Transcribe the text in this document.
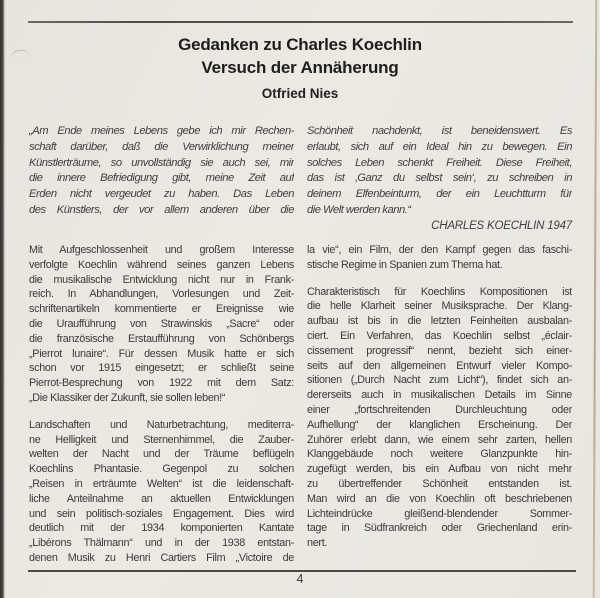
Gedanken zu Charles Koechlin
Versuch der Annäherung
Otfried Nies
„Am Ende meines Lebens gebe ich mir Rechen-
schaft darüber, daß die Verwirklichung meiner
Künstlerträume, so unvollständig sie auch sei, mir
die innere Befriedigung gibt, meine Zeit auf
Erden nicht vergeudet zu haben. Das Leben
des Künstlers, der vor allem anderen über die
Schönheit nachdenkt, ist beneidenswert. Es
erlaubt, sich auf ein Ideal hin zu bewegen. Ein
solches Leben schenkt Freiheit. Diese Freiheit,
das ist ‚Ganz du selbst sein‘, zu schreiben in
deinem Elfenbeinturm, der ein Leuchtturm für
die Welt werden kann.“
CHARLES KOECHLIN 1947
Mit Aufgeschlossenheit und großem Interesse
verfolgte Koechlin während seines ganzen Lebens
die musikalische Entwicklung nicht nur in Frank-
reich. In Abhandlungen, Vorlesungen und Zeit-
schriftenartikeln kommentierte er Ereignisse wie
die Uraufführung von Strawinskis „Sacre“ oder
die französische Erstaufführung von Schönbergs
„Pierrot lunaire“. Für dessen Musik hatte er sich
schon vor 1915 eingesetzt; er schließt seine
Pierrot-Besprechung von 1922 mit dem Satz:
„Die Klassiker der Zukunft, sie sollen leben!“
Landschaften und Naturbetrachtung, mediterra-
ne Helligkeit und Sternenhimmel, die Zauber-
welten der Nacht und der Träume beflügeln
Koechlins Phantasie. Gegenpol zu solchen
„Reisen in erträumte Welten“ ist die leidenschaft-
liche Anteilnahme an aktuellen Entwicklungen
und sein politisch-soziales Engagement. Dies wird
deutlich mit der 1934 komponierten Kantate
„Libérons Thälmann“ und in der 1938 entstan-
denen Musik zu Henri Cartiers Film „Victoire de
la vie“, ein Film, der den Kampf gegen das faschi-
stische Regime in Spanien zum Thema hat.
Charakteristisch für Koechlins Kompositionen ist
die helle Klarheit seiner Musiksprache. Der Klang-
aufbau ist bis in die letzten Feinheiten ausbalan-
ciert. Ein Verfahren, das Koechlin selbst „éclair-
cissement progressif“ nennt, bezieht sich einer-
seits auf den allgemeinen Entwurf vieler Kompo-
sitionen („Durch Nacht zum Licht“), findet sich an-
dererseits auch in musikalischen Details im Sinne
einer „fortschreitenden Durchleuchtung oder
Aufhellung“ der klanglichen Erscheinung. Der
Zuhörer erlebt dann, wie einem sehr zarten, hellen
Klanggebäude noch weitere Glanzpunkte hin-
zugefügt werden, bis ein Aufbau von nicht mehr
zu übertreffender Schönheit entstanden ist.
Man wird an die von Koechlin oft beschriebenen
Lichteindrücke gleißend-blendender Sommer-
tage in Südfrankreich oder Griechenland erin-
nert.
4
